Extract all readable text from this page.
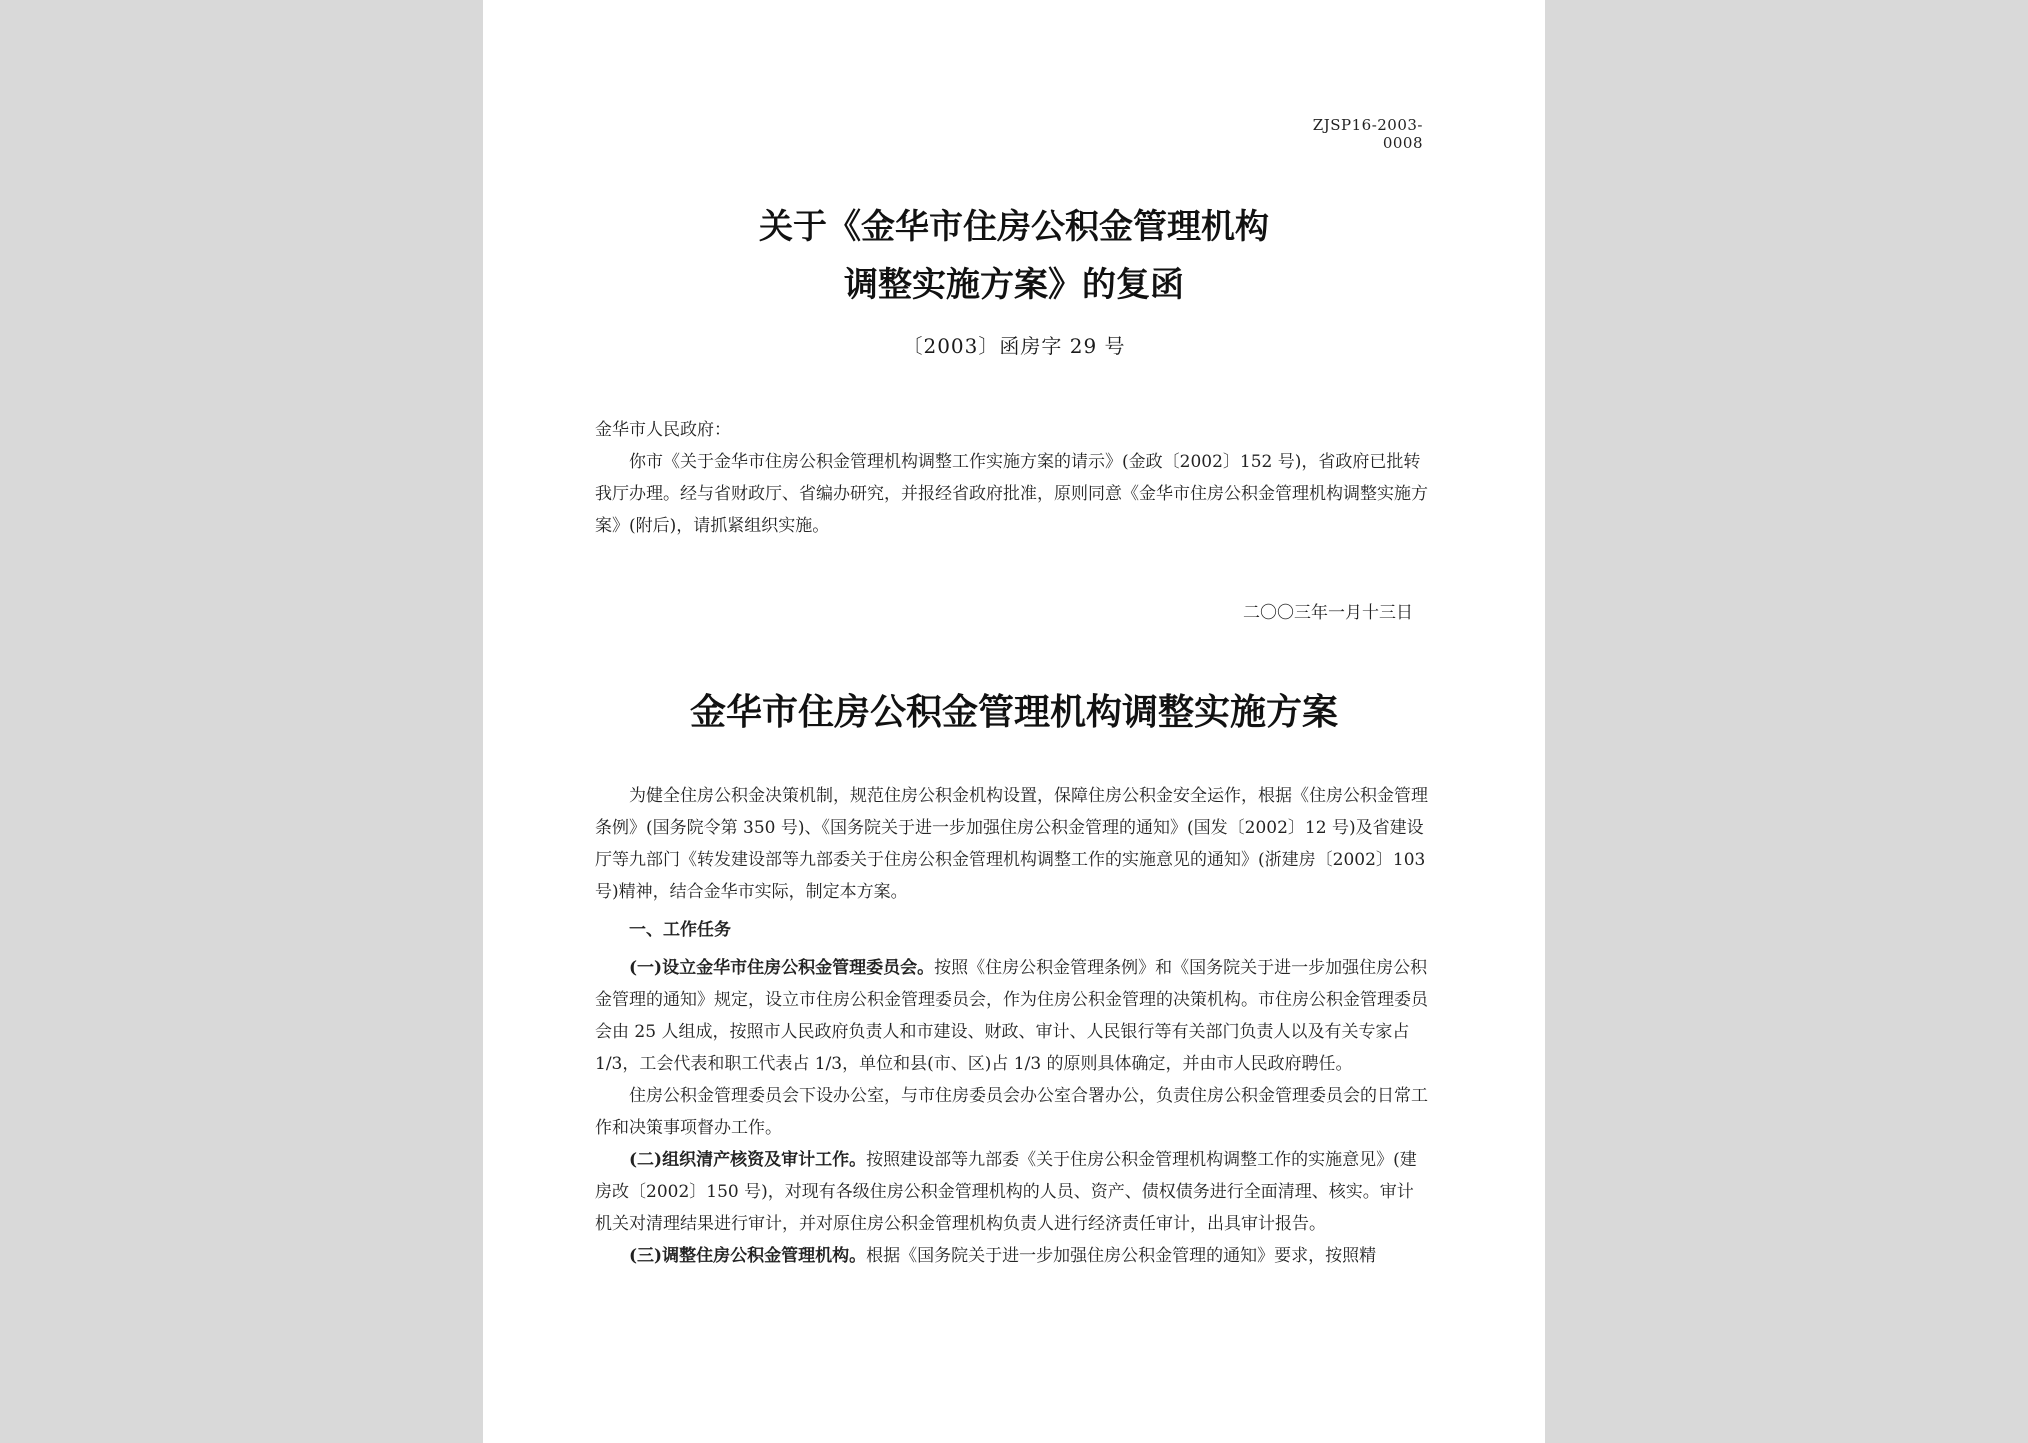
ZJSP16-2003-0008
关于《金华市住房公积金管理机构
调整实施方案》的复函
〔2003〕函房字 29 号
金华市人民政府：

你市《关于金华市住房公积金管理机构调整工作实施方案的请示》(金政〔2002〕152 号)，省政府已批转我厅办理。经与省财政厅、省编办研究，并报经省政府批准，原则同意《金华市住房公积金管理机构调整实施方案》(附后)，请抓紧组织实施。

二〇〇三年一月十三日
金华市住房公积金管理机构调整实施方案

为健全住房公积金决策机制，规范住房公积金机构设置，保障住房公积金安全运作，根据《住房公积金管理条例》(国务院令第 350 号)、《国务院关于进一步加强住房公积金管理的通知》(国发〔2002〕12 号)及省建设厅等九部门《转发建设部等九部委关于住房公积金管理机构调整工作的实施意见的通知》(浙建房〔2002〕103 号)精神，结合金华市实际，制定本方案。

一、工作任务

(一)设立金华市住房公积金管理委员会。按照《住房公积金管理条例》和《国务院关于进一步加强住房公积金管理的通知》规定，设立市住房公积金管理委员会，作为住房公积金管理的决策机构。市住房公积金管理委员会由 25 人组成，按照市人民政府负责人和市建设、财政、审计、人民银行等有关部门负责人以及有关专家占 1/3，工会代表和职工代表占 1/3，单位和县(市、区)占 1/3 的原则具体确定，并由市人民政府聘任。

住房公积金管理委员会下设办公室，与市住房委员会办公室合署办公，负责住房公积金管理委员会的日常工作和决策事项督办工作。

(二)组织清产核资及审计工作。按照建设部等九部委《关于住房公积金管理机构调整工作的实施意见》(建房改〔2002〕150 号)，对现有各级住房公积金管理机构的人员、资产、债权债务进行全面清理、核实。审计机关对清理结果进行审计，并对原住房公积金管理机构负责人进行经济责任审计，出具审计报告。

(三)调整住房公积金管理机构。根据《国务院关于进一步加强住房公积金管理的通知》要求，按照精
